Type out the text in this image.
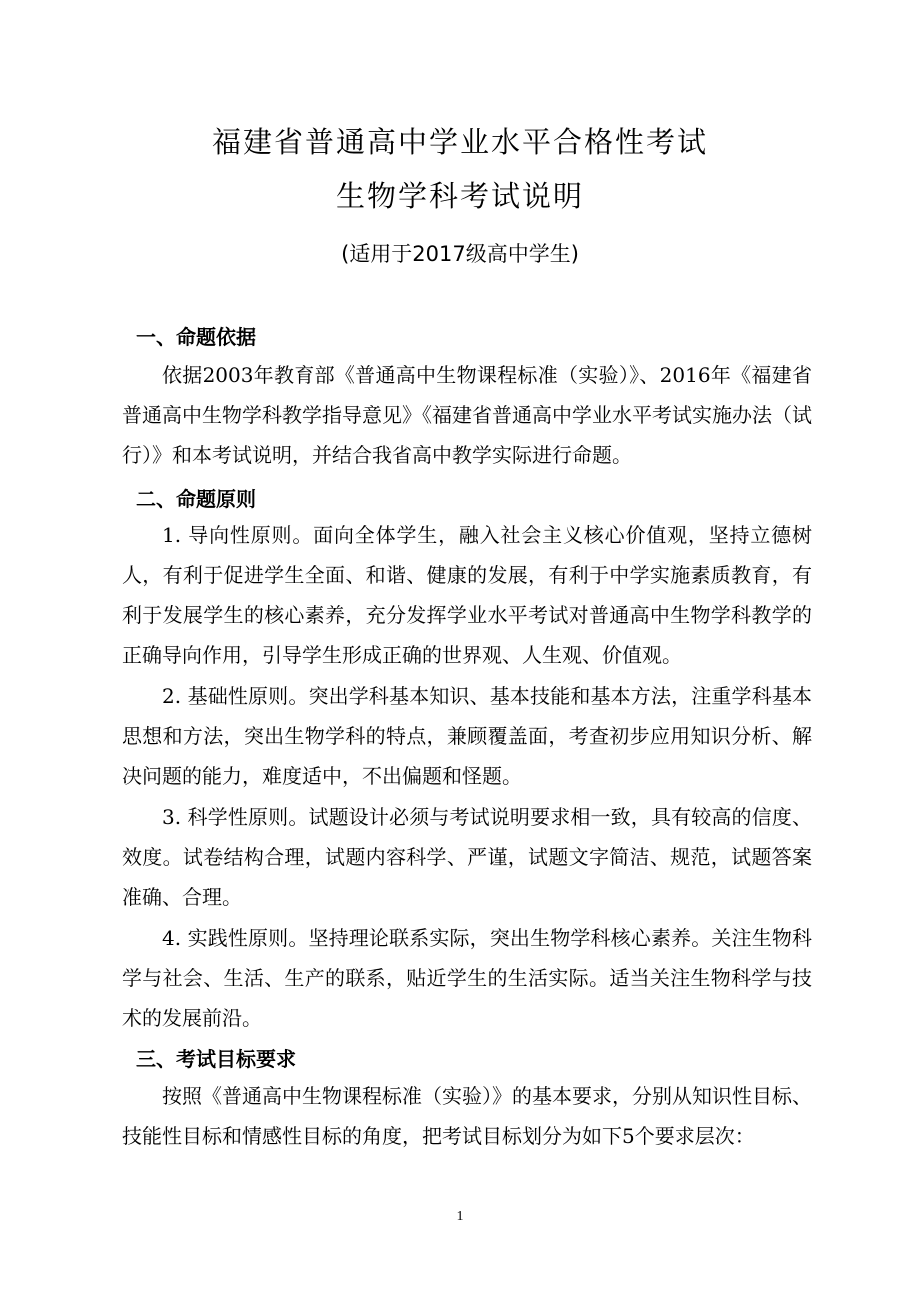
福建省普通高中学业水平合格性考试
生物学科考试说明
(适用于2017级高中学生)
一、命题依据

依据2003年教育部《普通高中生物课程标准（实验）》、2016年《福建省普通高中生物学科教学指导意见》《福建省普通高中学业水平考试实施办法（试行）》和本考试说明，并结合我省高中教学实际进行命题。

二、命题原则

1. 导向性原则。面向全体学生，融入社会主义核心价值观，坚持立德树人，有利于促进学生全面、和谐、健康的发展，有利于中学实施素质教育，有利于发展学生的核心素养，充分发挥学业水平考试对普通高中生物学科教学的正确导向作用，引导学生形成正确的世界观、人生观、价值观。

2. 基础性原则。突出学科基本知识、基本技能和基本方法，注重学科基本思想和方法，突出生物学科的特点，兼顾覆盖面，考查初步应用知识分析、解决问题的能力，难度适中，不出偏题和怪题。

3. 科学性原则。试题设计必须与考试说明要求相一致，具有较高的信度、效度。试卷结构合理，试题内容科学、严谨，试题文字简洁、规范，试题答案准确、合理。

4. 实践性原则。坚持理论联系实际，突出生物学科核心素养。关注生物科学与社会、生活、生产的联系，贴近学生的生活实际。适当关注生物科学与技术的发展前沿。

三、考试目标要求

按照《普通高中生物课程标准（实验）》的基本要求，分别从知识性目标、技能性目标和情感性目标的角度，把考试目标划分为如下5个要求层次：

1
